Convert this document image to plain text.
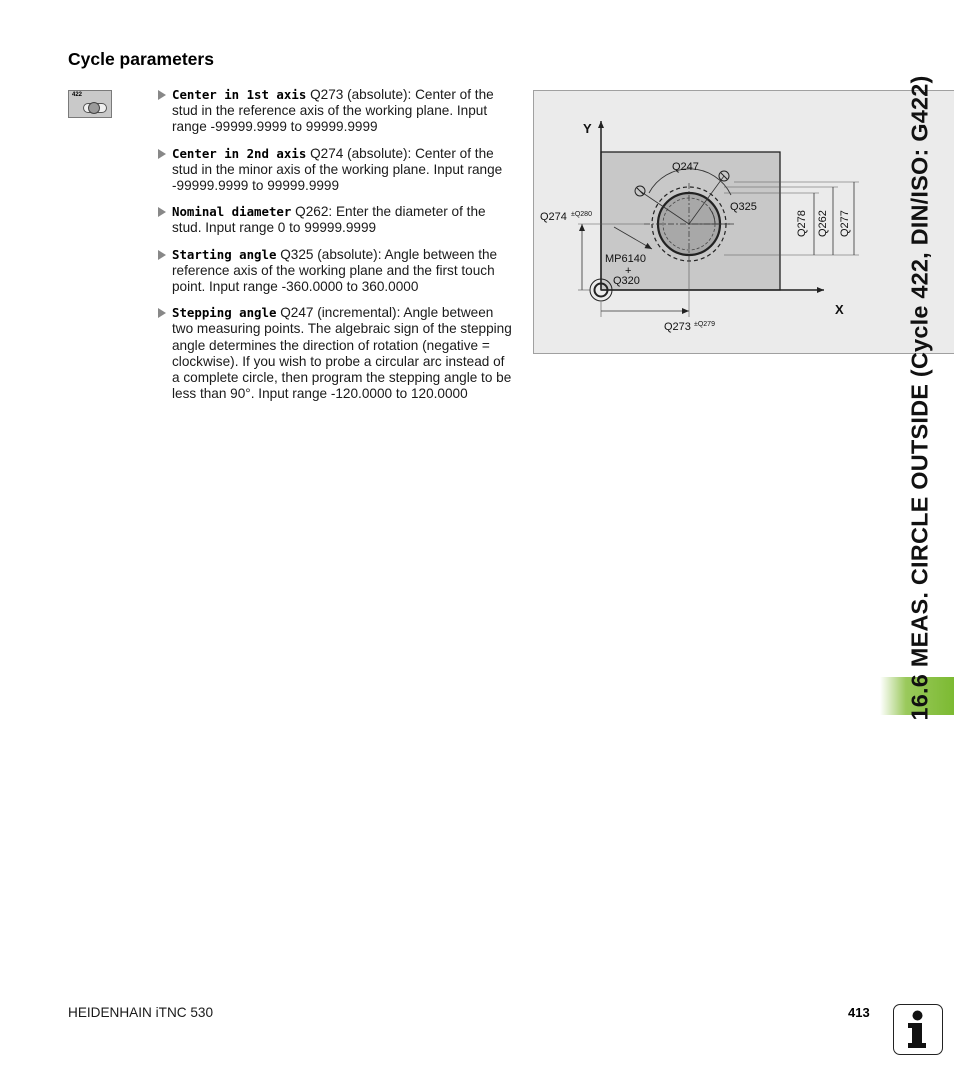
Cycle parameters
422	Center in 1st axis Q273 (absolute): Center of the stud in the reference axis of the working plane. Input range -99999.9999 to 99999.9999
Center in 2nd axis Q274 (absolute): Center of the stud in the minor axis of the working plane. Input range -99999.9999 to 99999.9999
Nominal diameter Q262: Enter the diameter of the stud. Input range 0 to 99999.9999
Starting angle Q325 (absolute): Angle between the reference axis of the working plane and the first touch point. Input range -360.0000 to 360.0000
Stepping angle Q247 (incremental): Angle between two measuring points. The algebraic sign of the stepping angle determines the direction of rotation (negative = clockwise). If you wish to probe a circular arc instead of a complete circle, then program the stepping angle to be less than 90°. Input range -120.0000 to 120.0000
Y
X
Q247
Q325
Q274 ±Q280
MP6140
+
Q320
Q273 ±Q279
Q278 Q262 Q277 16.6 MEAS. CIRCLE OUTSIDE (Cycle 422, DIN/ISO: G422)
HEIDENHAIN iTNC 530	413
